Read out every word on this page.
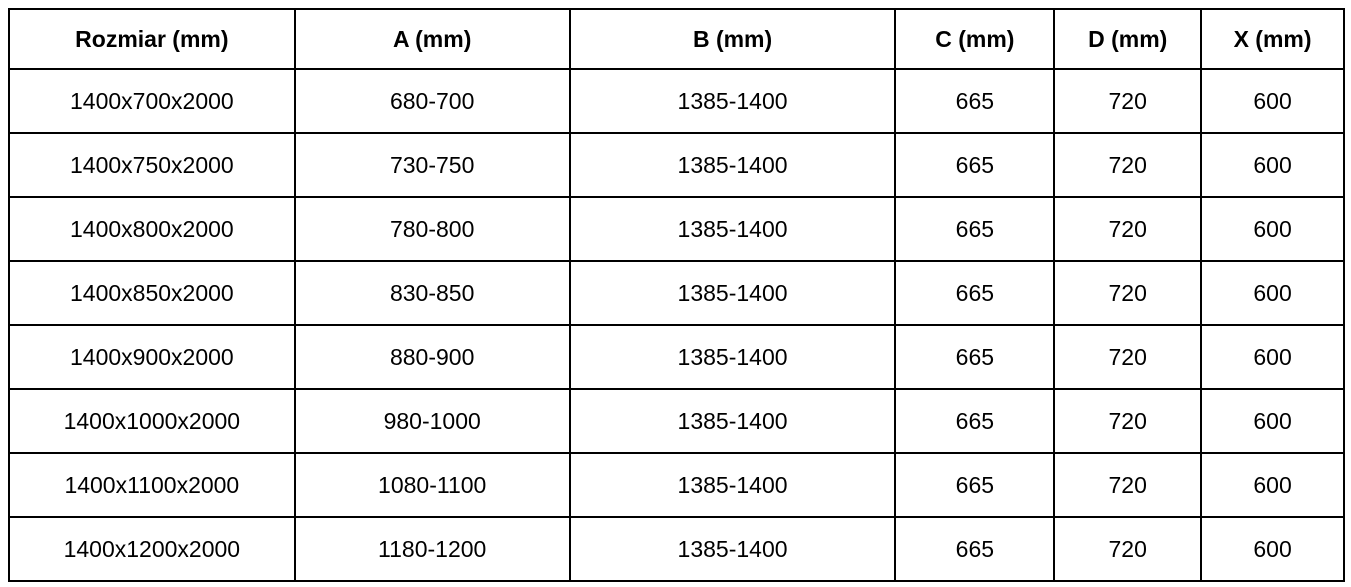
Rozmiar (mm)	A (mm)	B (mm)	C (mm)	D (mm)	X (mm)
1400x700x2000	680-700	1385-1400	665	720	600
1400x750x2000	730-750	1385-1400	665	720	600
1400x800x2000	780-800	1385-1400	665	720	600
1400x850x2000	830-850	1385-1400	665	720	600
1400x900x2000	880-900	1385-1400	665	720	600
1400x1000x2000	980-1000	1385-1400	665	720	600
1400x1100x2000	1080-1100	1385-1400	665	720	600
1400x1200x2000	1180-1200	1385-1400	665	720	600
